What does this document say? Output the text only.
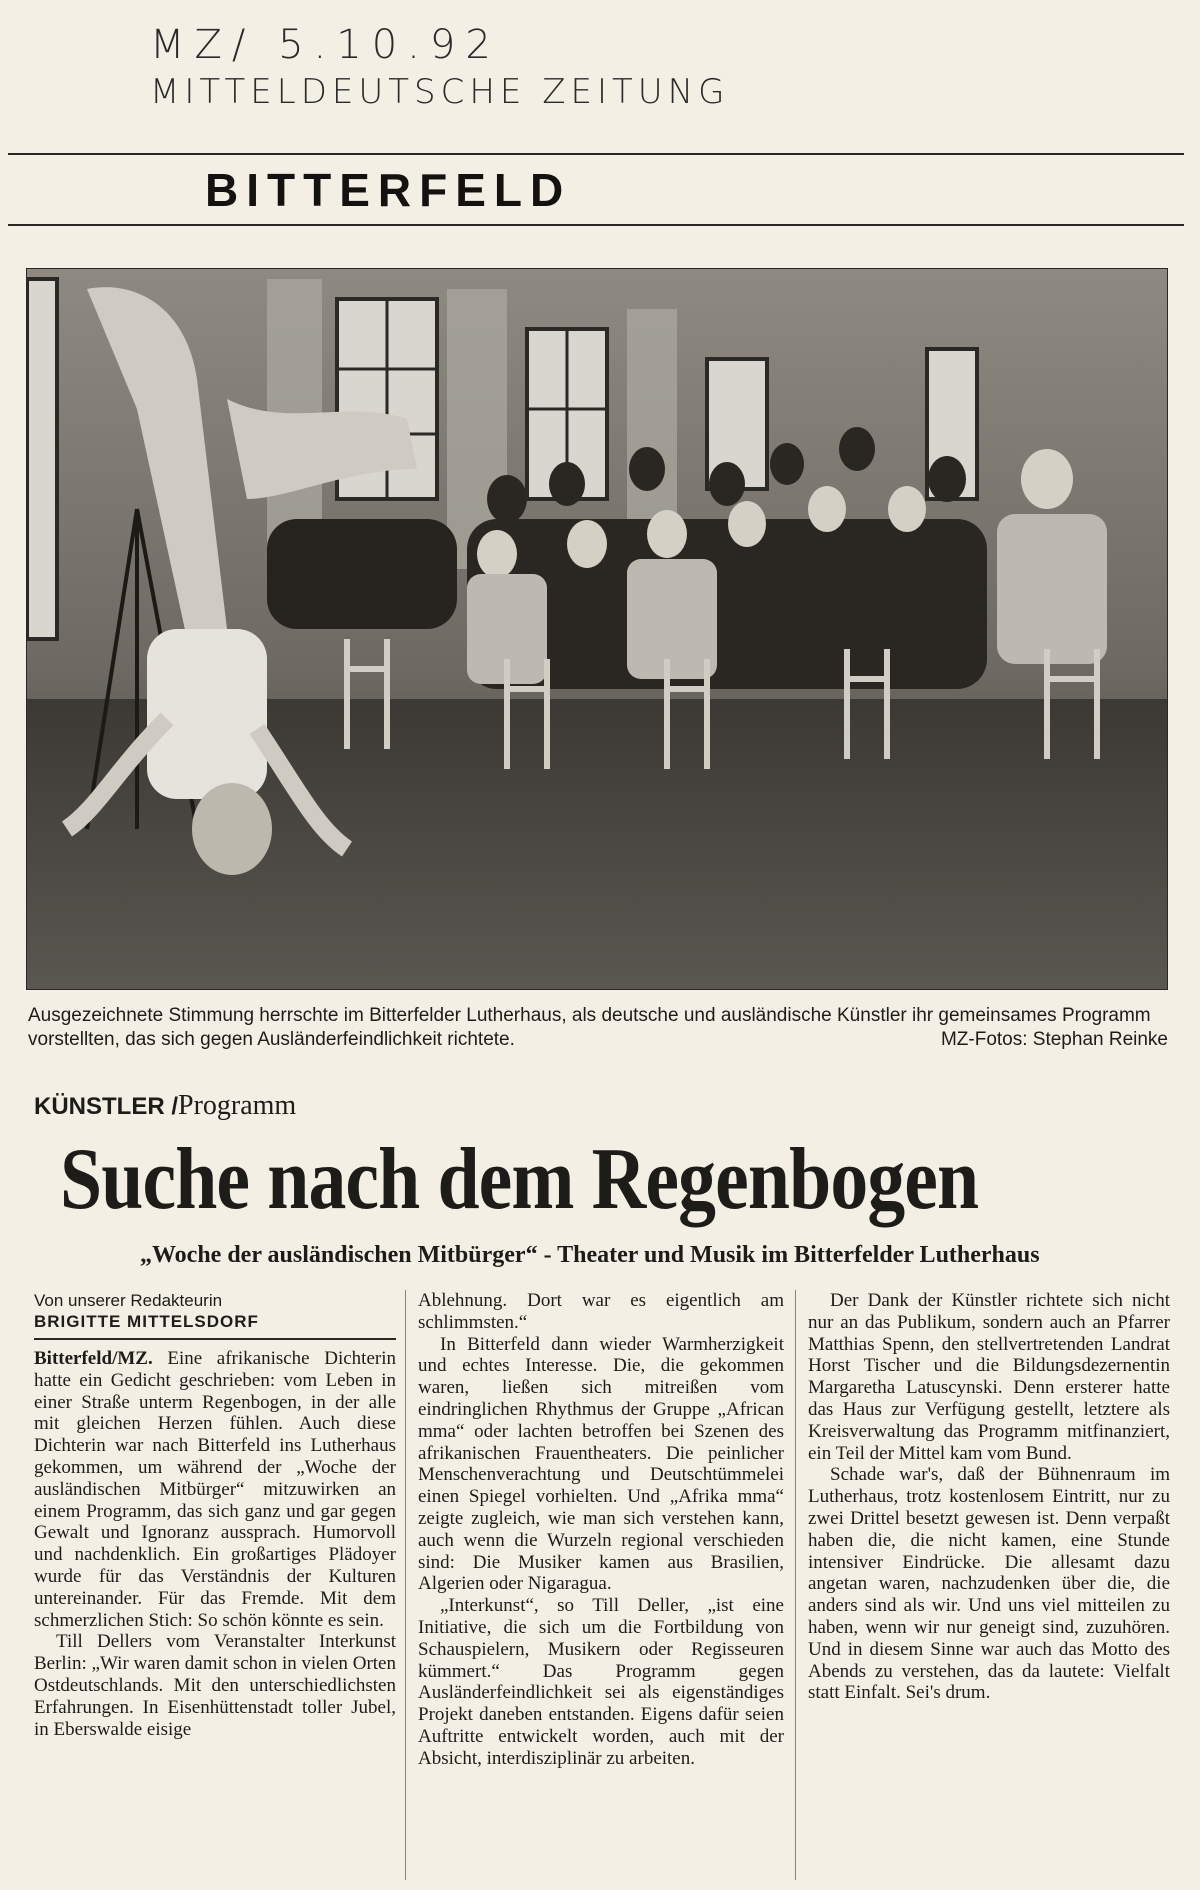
MZ/ 5.10.92
MITTELDEUTSCHE ZEITUNG
BITTERFELD
Ausgezeichnete Stimmung herrschte im Bitterfelder Lutherhaus, als deutsche und ausländische Künstler ihr gemeinsames Programm vorstellten, das sich gegen Ausländerfeindlichkeit richtete.	MZ-Fotos: Stephan Reinke
KÜNSTLER /Programm
Suche nach dem Regenbogen
„Woche der ausländischen Mitbürger“ - Theater und Musik im Bitterfelder Lutherhaus
Von unserer Redakteurin
BRIGITTE MITTELSDORF

Bitterfeld/MZ. Eine afrikanische Dichterin hatte ein Gedicht geschrieben: vom Leben in einer Straße unterm Regenbogen, in der alle mit gleichen Herzen fühlen. Auch diese Dichterin war nach Bitterfeld ins Lutherhaus gekommen, um während der „Woche der ausländischen Mitbürger“ mitzuwirken an einem Programm, das sich ganz und gar gegen Gewalt und Ignoranz aussprach. Humorvoll und nachdenklich. Ein großartiges Plädoyer wurde für das Verständnis der Kulturen untereinander. Für das Fremde. Mit dem schmerzlichen Stich: So schön könnte es sein.

Till Dellers vom Veranstalter Interkunst Berlin: „Wir waren damit schon in vielen Orten Ostdeutschlands. Mit den unterschiedlichsten Erfahrungen. In Eisenhüttenstadt toller Jubel, in Eberswalde eisige

Ablehnung. Dort war es eigentlich am schlimmsten.“

In Bitterfeld dann wieder Warmherzigkeit und echtes Interesse. Die, die gekommen waren, ließen sich mitreißen vom eindringlichen Rhythmus der Gruppe „African mma“ oder lachten betroffen bei Szenen des afrikanischen Frauentheaters. Die peinlicher Menschenverachtung und Deutschtümmelei einen Spiegel vorhielten. Und „Afrika mma“ zeigte zugleich, wie man sich verstehen kann, auch wenn die Wurzeln regional verschieden sind: Die Musiker kamen aus Brasilien, Algerien oder Nigaragua.

„Interkunst“, so Till Deller, „ist eine Initiative, die sich um die Fortbildung von Schauspielern, Musikern oder Regisseuren kümmert.“ Das Programm gegen Ausländerfeindlichkeit sei als eigenständiges Projekt daneben entstanden. Eigens dafür seien Auftritte entwickelt worden, auch mit der Absicht, interdisziplinär zu arbeiten.

Der Dank der Künstler richtete sich nicht nur an das Publikum, sondern auch an Pfarrer Matthias Spenn, den stellvertretenden Landrat Horst Tischer und die Bildungsdezernentin Margaretha Latuscynski. Denn ersterer hatte das Haus zur Verfügung gestellt, letztere als Kreisverwaltung das Programm mitfinanziert, ein Teil der Mittel kam vom Bund.

Schade war's, daß der Bühnenraum im Lutherhaus, trotz kostenlosem Eintritt, nur zu zwei Drittel besetzt gewesen ist. Denn verpaßt haben die, die nicht kamen, eine Stunde intensiver Eindrücke. Die allesamt dazu angetan waren, nachzudenken über die, die anders sind als wir. Und uns viel mitteilen zu haben, wenn wir nur geneigt sind, zuzuhören. Und in diesem Sinne war auch das Motto des Abends zu verstehen, das da lautete: Vielfalt statt Einfalt. Sei's drum.
